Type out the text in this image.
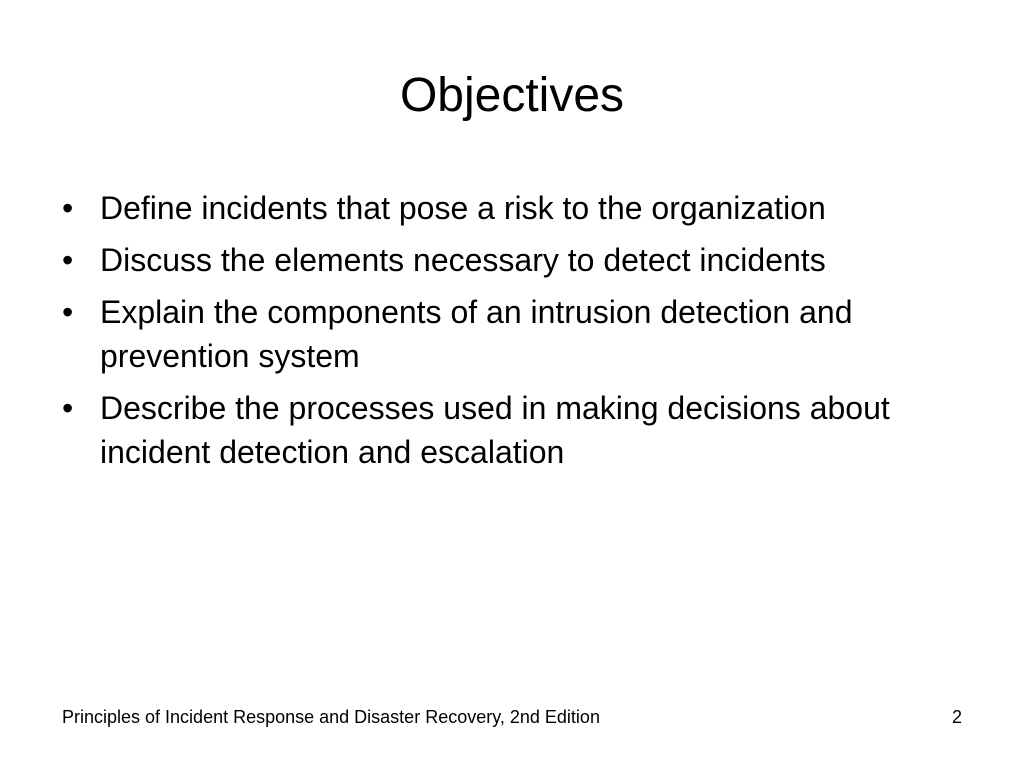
Objectives
• Define incidents that pose a risk to the organization
• Discuss the elements necessary to detect incidents
• Explain the components of an intrusion detection and prevention system
• Describe the processes used in making decisions about incident detection and escalation
Principles of Incident Response and Disaster Recovery, 2nd Edition	2
